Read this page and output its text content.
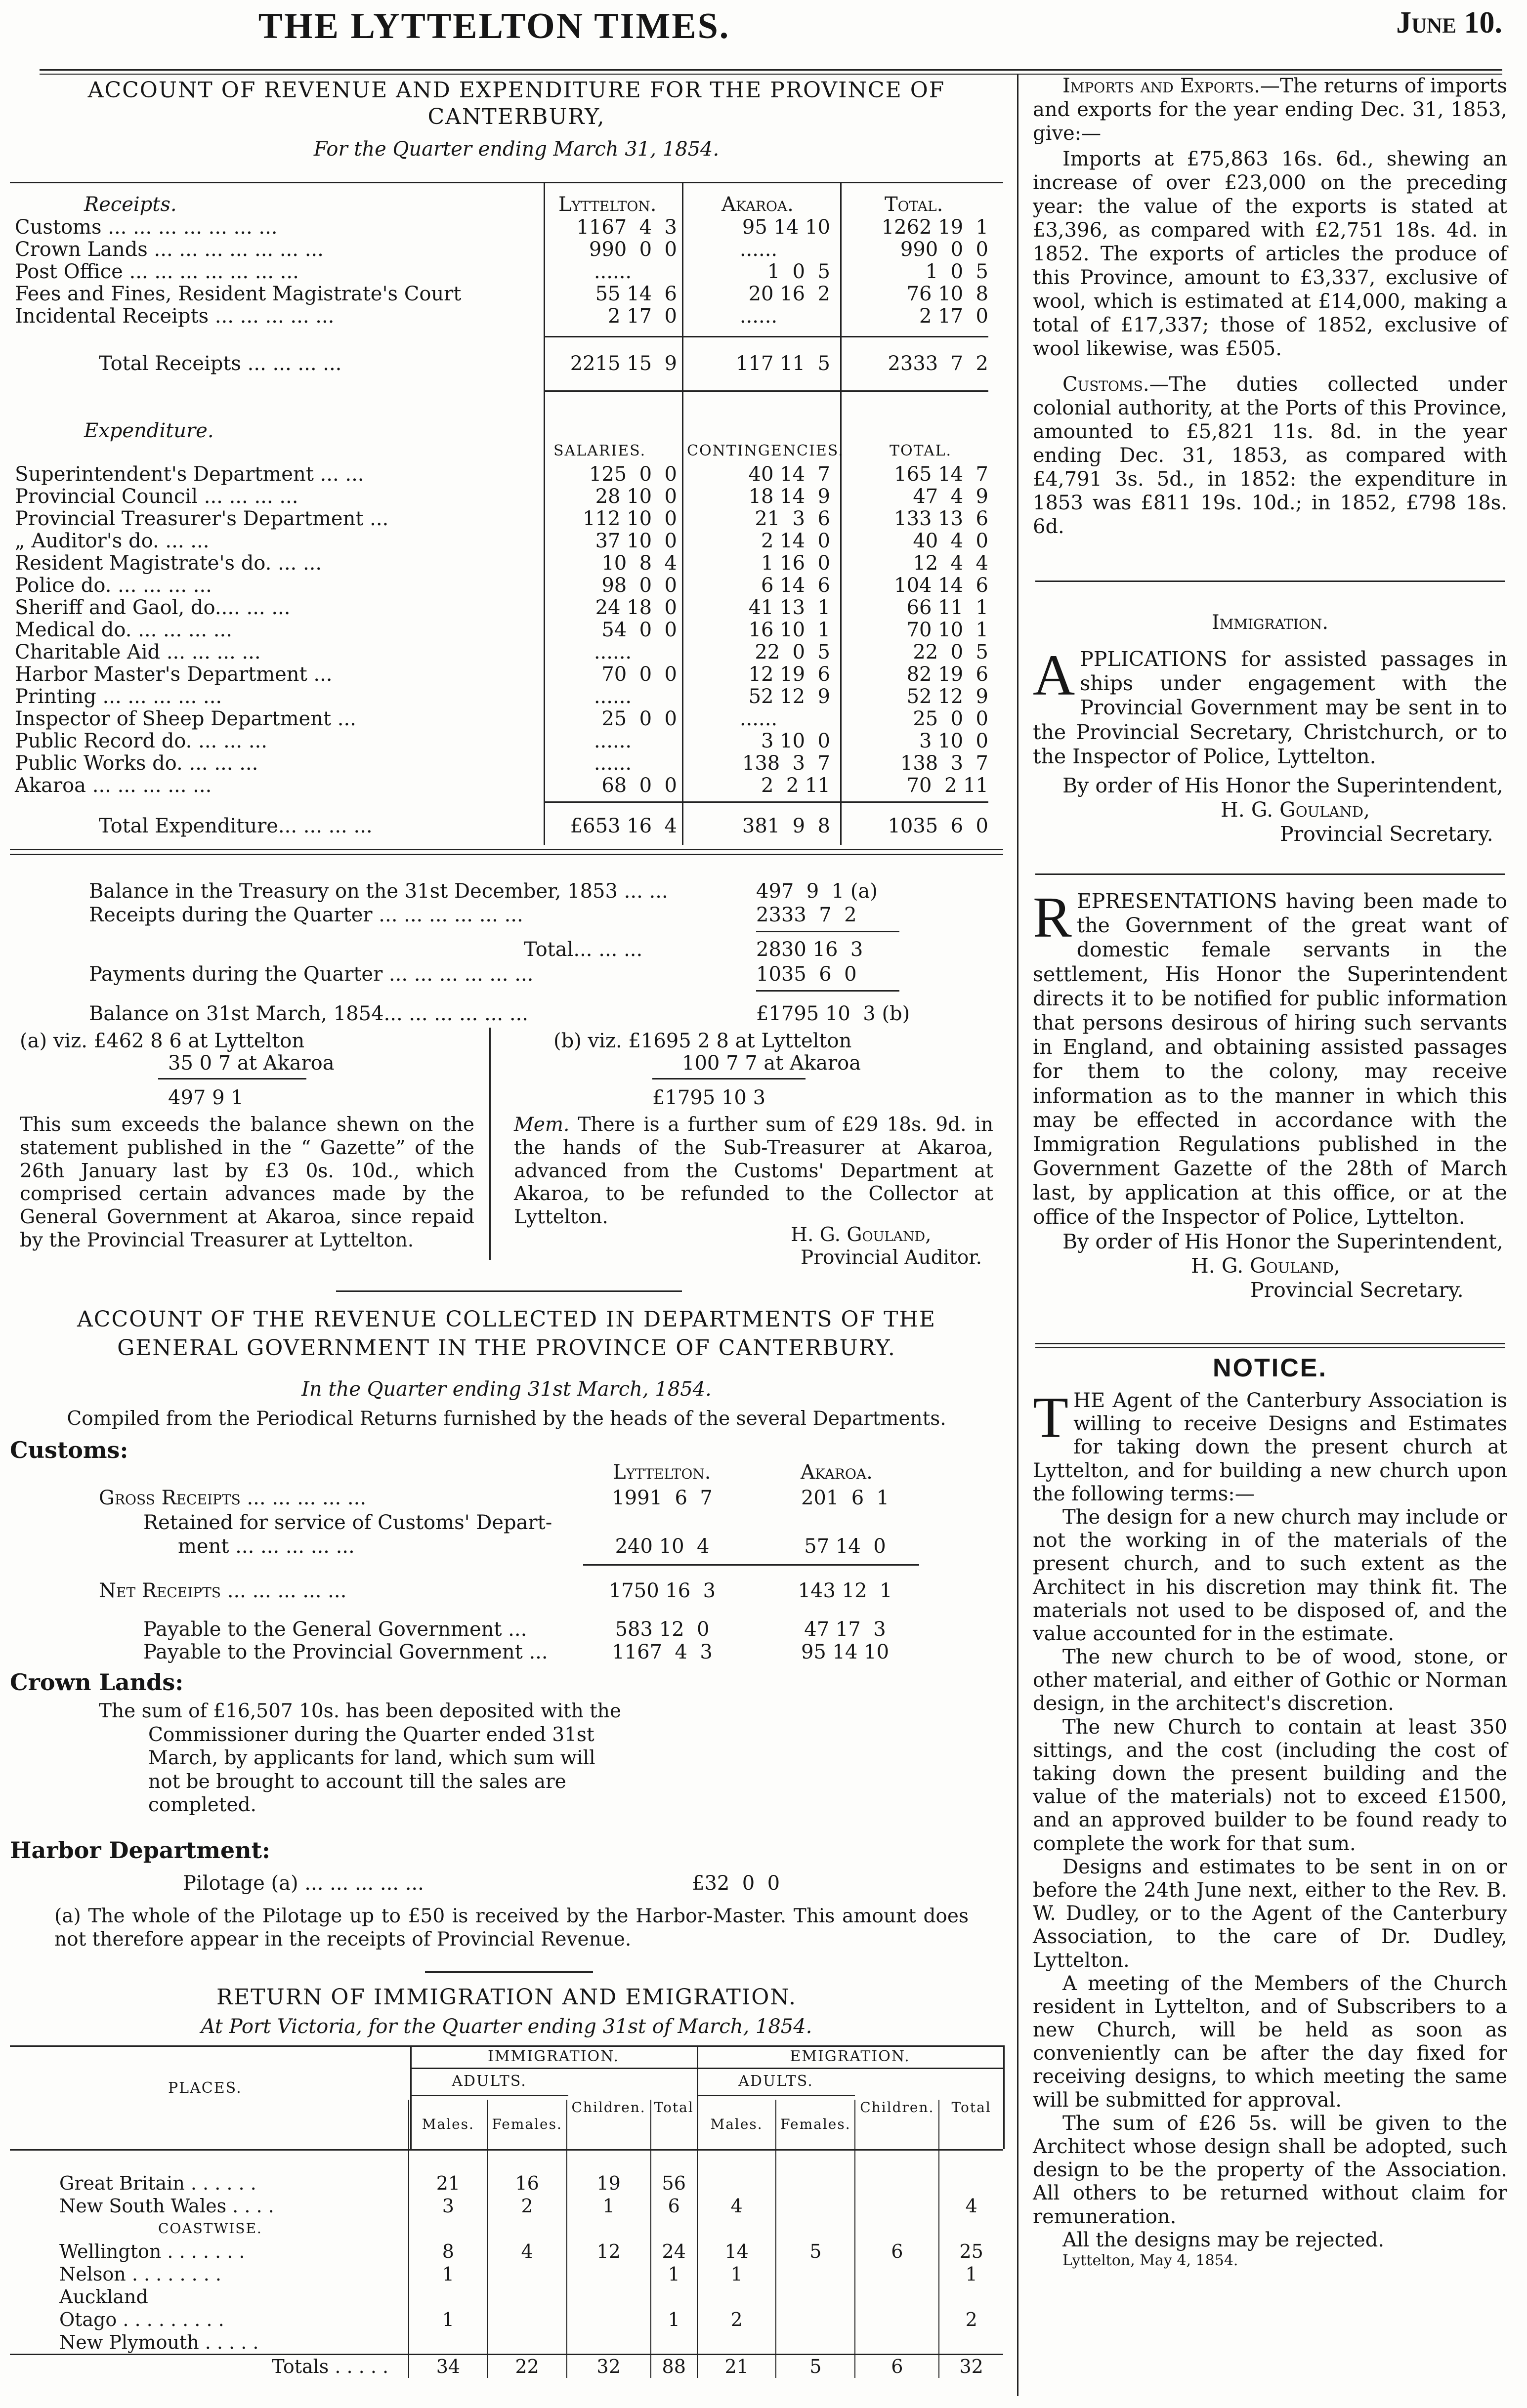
THE LYTTELTON TIMES.	June 10.
ACCOUNT OF REVENUE AND EXPENDITURE FOR THE PROVINCE OF
CANTERBURY,
For the Quarter ending March 31, 1854.
Receipts.	Lyttelton.	Akaroa.	Total.
Customs ... ... ... ... ... ... ...	1167  4  3	95 14 10	1262 19  1
Crown Lands ... ... ... ... ... ... ...	990  0  0	......	990  0  0
Post Office ... ... ... ... ... ... ...	......	1  0  5	1  0  5
Fees and Fines, Resident Magistrate's Court	55 14  6	20 16  2	76 10  8
Incidental Receipts ... ... ... ... ...	2 17  0	......	2 17  0
Total Receipts ... ... ... ...	2215 15  9	117 11  5	2333  7  2
Expenditure.
SALARIES.	CONTINGENCIES.	TOTAL.
Superintendent's Department ... ...	125  0  0	40 14  7	165 14  7
Provincial Council ... ... ... ...	28 10  0	18 14  9	47  4  9
Provincial Treasurer's Department ...	112 10  0	21  3  6	133 13  6
„ Auditor's do. ... ...	37 10  0	2 14  0	40  4  0
Resident Magistrate's do. ... ...	10  8  4	1 16  0	12  4  4
Police do. ... ... ... ...	98  0  0	6 14  6	104 14  6
Sheriff and Gaol, do.... ... ...	24 18  0	41 13  1	66 11  1
Medical do. ... ... ... ...	54  0  0	16 10  1	70 10  1
Charitable Aid ... ... ... ...	......	22  0  5	22  0  5
Harbor Master's Department ...	70  0  0	12 19  6	82 19  6
Printing ... ... ... ... ...	......	52 12  9	52 12  9
Inspector of Sheep Department ...	25  0  0	......	25  0  0
Public Record do. ... ... ...	......	3 10  0	3 10  0
Public Works do. ... ... ...	......	138  3  7	138  3  7
Akaroa ... ... ... ... ...	68  0  0	2  2 11	70  2 11
Total Expenditure... ... ... ...	£653 16  4	381  9  8	1035  6  0
Balance in the Treasury on the 31st December, 1853 ... ...	497  9  1 (a)
Receipts during the Quarter ... ... ... ... ... ...	2333  7  2
Total... ... ...	2830 16  3
Payments during the Quarter ... ... ... ... ... ...	1035  6  0
Balance on 31st March, 1854... ... ... ... ... ...	£1795 10  3 (b)
(a) viz. £462 8 6 at Lyttelton
35 0 7 at Akaroa
497 9 1
(b) viz. £1695 2 8 at Lyttelton
100 7 7 at Akaroa
£1795 10 3
This sum exceeds the balance shewn on the statement published in the “ Gazette” of the 26th January last by £3 0s. 10d., which comprised certain advances made by the General Government at Akaroa, since repaid by the Provincial Treasurer at Lyttelton.
Mem. There is a further sum of £29 18s. 9d. in the hands of the Sub-Treasurer at Akaroa, advanced from the Customs' Department at Akaroa, to be refunded to the Collector at Lyttelton.
H. G. Gouland,
Provincial Auditor.
ACCOUNT OF THE REVENUE COLLECTED IN DEPARTMENTS OF THE
GENERAL GOVERNMENT IN THE PROVINCE OF CANTERBURY.
In the Quarter ending 31st March, 1854.
Compiled from the Periodical Returns furnished by the heads of the several Departments.
Customs:
Lyttelton.	Akaroa.
Gross Receipts ... ... ... ... ...	1991  6  7	201  6  1
Retained for service of Customs' Depart-
ment ... ... ... ... ...	240 10  4	57 14  0
Net Receipts ... ... ... ... ...	1750 16  3	143 12  1
Payable to the General Government ...	583 12  0	47 17  3
Payable to the Provincial Government ...	1167  4  3	95 14 10
Crown Lands:
The sum of £16,507 10s. has been deposited with the Commissioner during the Quarter ended 31st March, by applicants for land, which sum will not be brought to account till the sales are completed.
Harbor Department:
Pilotage (a) ... ... ... ... ...	£32  0  0
(a) The whole of the Pilotage up to £50 is received by the Harbor-Master. This amount does not therefore appear in the receipts of Provincial Revenue.
RETURN OF IMMIGRATION AND EMIGRATION.
At Port Victoria, for the Quarter ending 31st of March, 1854.
PLACES.
IMMIGRATION.	EMIGRATION.
ADULTS.	ADULTS.
	Males.	Females.	Children.	Total	Males.	Females.	Children.	Total

Great Britain . . . . . .	21	16	19	56				
New South Wales . . . .	3	2	1	6	4			4
COASTWISE.								
Wellington . . . . . . .	8	4	12	24	14	5	6	25
Nelson . . . . . . . .	1			1	1			1
Auckland								
Otago . . . . . . . . .	1			1	2			2
New Plymouth . . . . .								
Totals . . . . .	34	22	32	88	21	5	6	32
Imports and Exports.—The returns of imports and exports for the year ending Dec. 31, 1853, give:—
Imports at £75,863 16s. 6d., shewing an increase of over £23,000 on the preceding year: the value of the exports is stated at £3,396, as compared with £2,751 18s. 4d. in 1852. The exports of articles the produce of this Province, amount to £3,337, exclusive of wool, which is estimated at £14,000, making a total of £17,337; those of 1852, exclusive of wool likewise, was £505.
Customs.—The duties collected under colonial authority, at the Ports of this Province, amounted to £5,821 11s. 8d. in the year ending Dec. 31, 1853, as compared with £4,791 3s. 5d., in 1852: the expenditure in 1853 was £811 19s. 10d.; in 1852, £798 18s. 6d.
Immigration.
APPLICATIONS for assisted passages in ships under engagement with the Provincial Government may be sent in to the Provincial Secretary, Christchurch, or to the Inspector of Police, Lyttelton.
By order of His Honor the Superintendent,
H. G. Gouland,
Provincial Secretary.
REPRESENTATIONS having been made to the Government of the great want of domestic female servants in the settlement, His Honor the Superintendent directs it to be notified for public information that persons desirous of hiring such servants in England, and obtaining assisted passages for them to the colony, may receive information as to the manner in which this may be effected in accordance with the Immigration Regulations published in the Government Gazette of the 28th of March last, by application at this office, or at the office of the Inspector of Police, Lyttelton.
By order of His Honor the Superintendent,
H. G. Gouland,
Provincial Secretary.
NOTICE.
THE Agent of the Canterbury Association is willing to receive Designs and Estimates for taking down the present church at Lyttelton, and for building a new church upon the following terms:—
The design for a new church may include or not the working in of the materials of the present church, and to such extent as the Architect in his discretion may think fit. The materials not used to be disposed of, and the value accounted for in the estimate.
The new church to be of wood, stone, or other material, and either of Gothic or Norman design, in the architect's discretion.
The new Church to contain at least 350 sittings, and the cost (including the cost of taking down the present building and the value of the materials) not to exceed £1500, and an approved builder to be found ready to complete the work for that sum.
Designs and estimates to be sent in on or before the 24th June next, either to the Rev. B. W. Dudley, or to the Agent of the Canterbury Association, to the care of Dr. Dudley, Lyttelton.
A meeting of the Members of the Church resident in Lyttelton, and of Subscribers to a new Church, will be held as soon as conveniently can be after the day fixed for receiving designs, to which meeting the same will be submitted for approval.
The sum of £26 5s. will be given to the Architect whose design shall be adopted, such design to be the property of the Association. All others to be returned without claim for remuneration.
All the designs may be rejected.
Lyttelton, May 4, 1854.
